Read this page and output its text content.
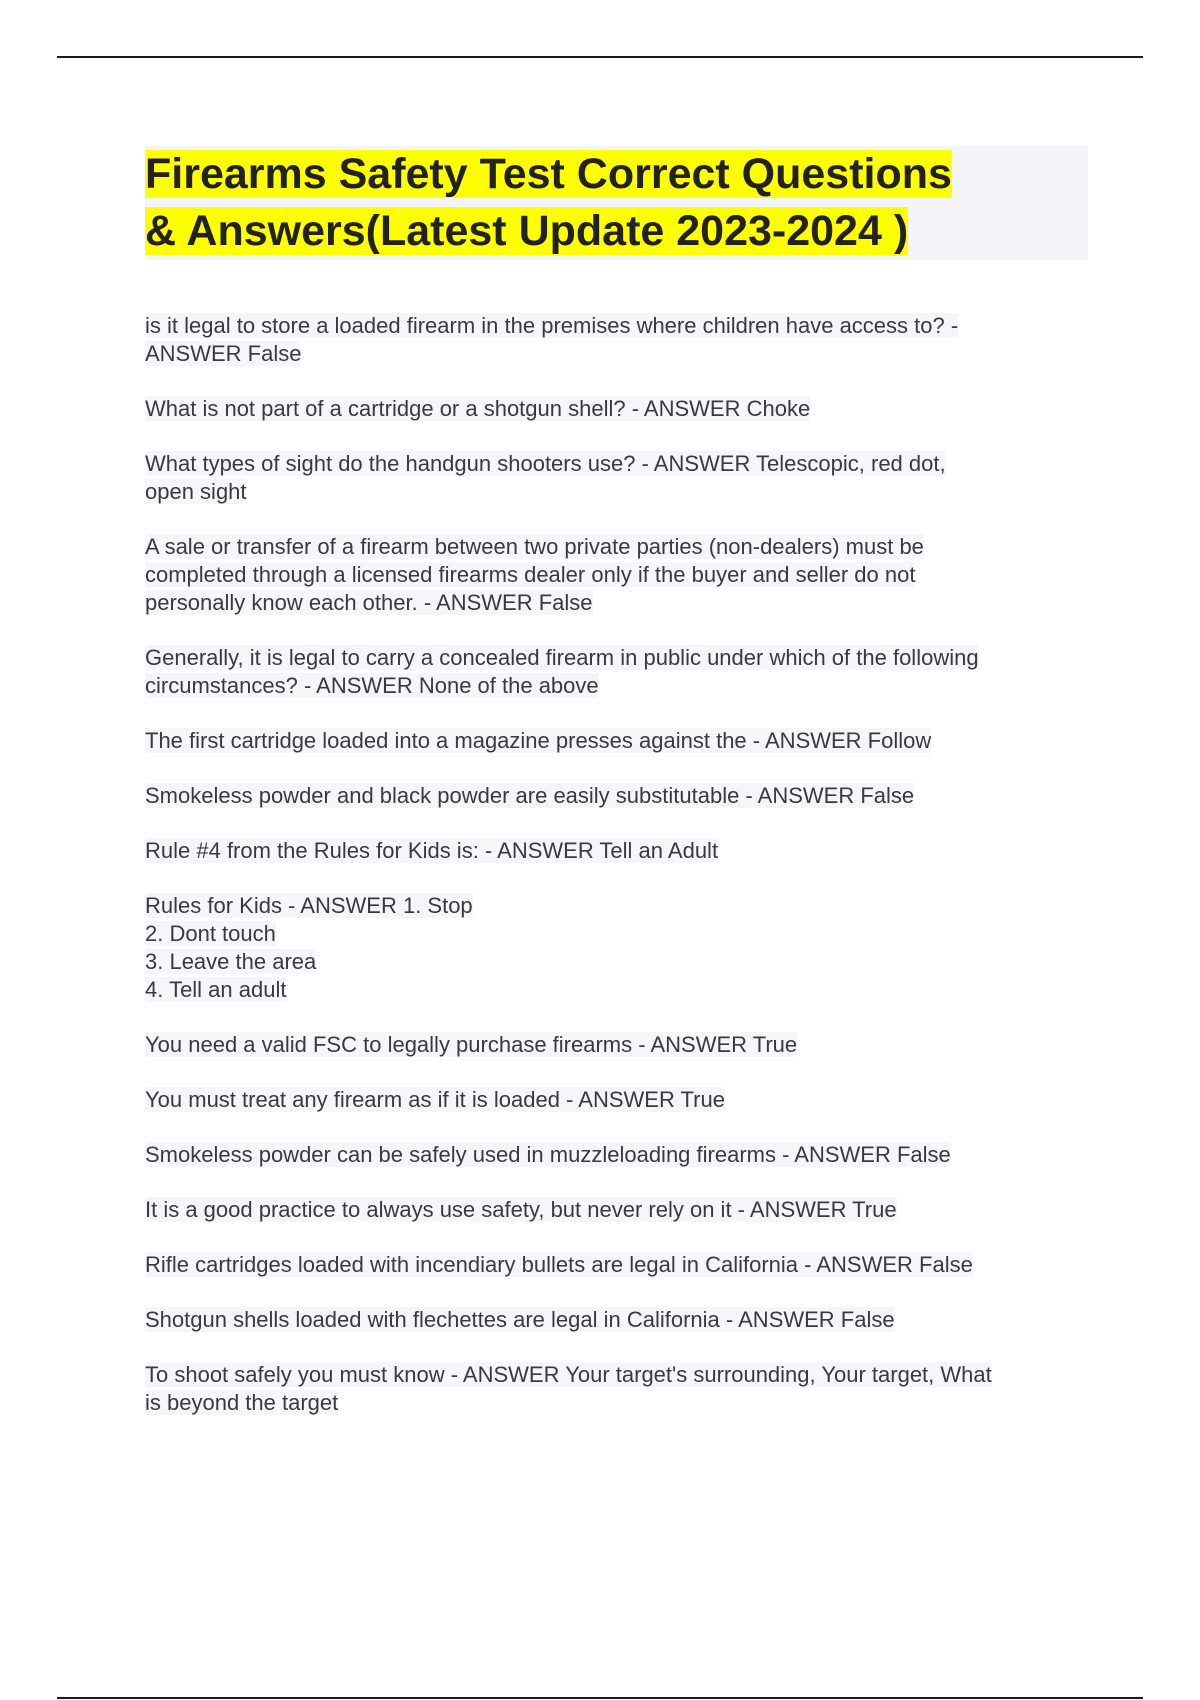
Firearms Safety Test Correct Questions
& Answers(Latest Update 2023-2024 )
is it legal to store a loaded firearm in the premises where children have access to? -
ANSWER False
What is not part of a cartridge or a shotgun shell? - ANSWER Choke
What types of sight do the handgun shooters use? - ANSWER Telescopic, red dot,
open sight
A sale or transfer of a firearm between two private parties (non-dealers) must be
completed through a licensed firearms dealer only if the buyer and seller do not
personally know each other. - ANSWER False
Generally, it is legal to carry a concealed firearm in public under which of the following
circumstances? - ANSWER None of the above
The first cartridge loaded into a magazine presses against the - ANSWER Follow
Smokeless powder and black powder are easily substitutable - ANSWER False
Rule #4 from the Rules for Kids is: - ANSWER Tell an Adult
Rules for Kids - ANSWER 1. Stop
2. Dont touch
3. Leave the area
4. Tell an adult
You need a valid FSC to legally purchase firearms - ANSWER True
You must treat any firearm as if it is loaded - ANSWER True
Smokeless powder can be safely used in muzzleloading firearms - ANSWER False
It is a good practice to always use safety, but never rely on it - ANSWER True
Rifle cartridges loaded with incendiary bullets are legal in California - ANSWER False
Shotgun shells loaded with flechettes are legal in California - ANSWER False
To shoot safely you must know - ANSWER Your target's surrounding, Your target, What
is beyond the target
